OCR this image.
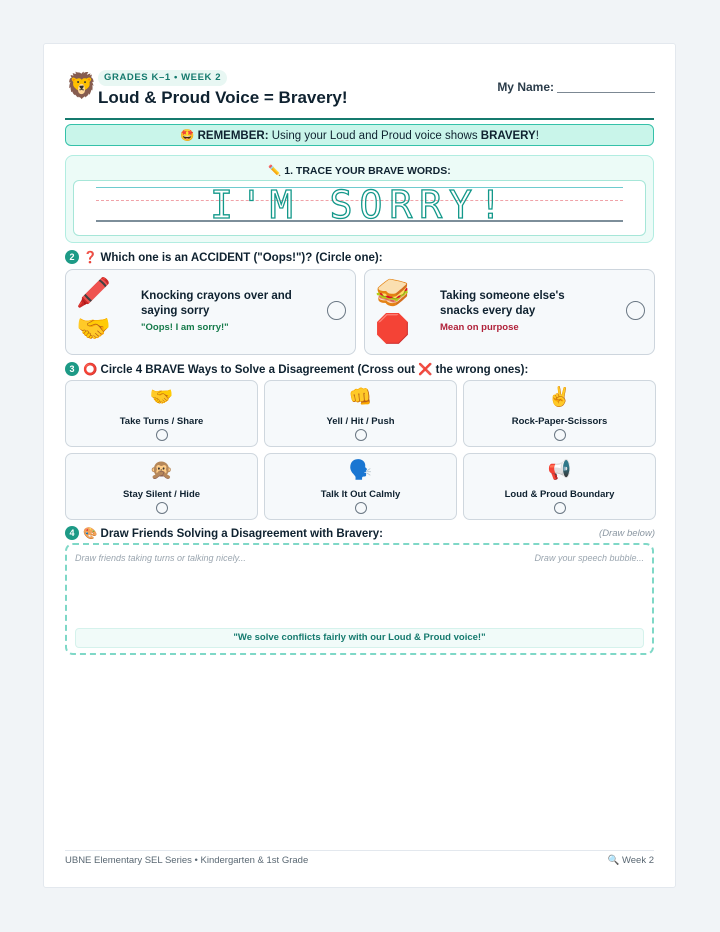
🦁 GRADES K–1 • WEEK 2
Loud & Proud Voice = Bravery!
My Name:
🤩 REMEMBER: Using your Loud and Proud voice shows BRAVERY!
✏️ 1. TRACE YOUR BRAVE WORDS:
I'M SORRY!
2 ❓ Which one is an ACCIDENT ("Oops!")? (Circle one):
🖍️
🤝
Knocking crayons over and saying sorry
"Oops! I am sorry!"
🥪
🛑
Taking someone else's snacks every day
Mean on purpose
3 ⭕ Circle 4 BRAVE Ways to Solve a Disagreement (Cross out ❌ the wrong ones):
🤝
Take Turns / Share
👊
Yell / Hit / Push
✌️
Rock-Paper-Scissors
🙊
Stay Silent / Hide
🗣️
Talk It Out Calmly
📢
Loud & Proud Boundary
4 🎨 Draw Friends Solving a Disagreement with Bravery:	(Draw below)
Draw friends taking turns or talking nicely...	Draw your speech bubble...
"We solve conflicts fairly with our Loud & Proud voice!"
UBNE Elementary SEL Series • Kindergarten & 1st Grade	🔍 Week 2
